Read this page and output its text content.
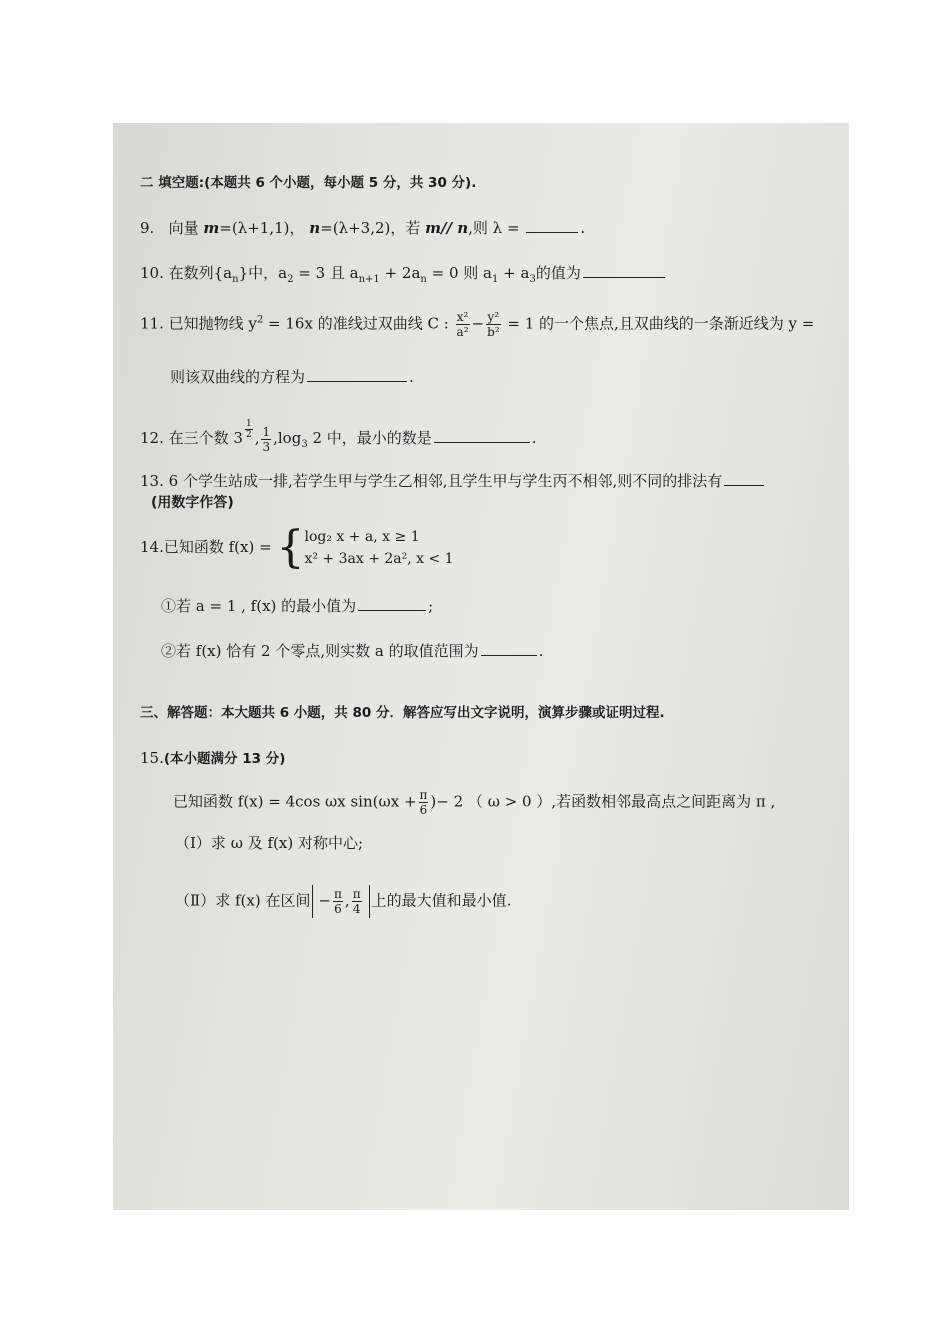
二 填空题:(本题共 6 个小题，每小题 5 分，共 30 分).
9. 向量 m=(λ+1,1)， n=(λ+3,2)，若 m// n,则 λ =	.
10. 在数列$\{a_n\}$中，$a_2 = 3$ 且 $a_{n+1} + 2a_n = 0$ 则 $a_1 + a_3$的值为
11. 已知抛物线 $y^2 = 16x$ 的准线过双曲线 C : $\frac{\text{x²}}{\text{a²}} - \frac{\text{y²}}{\text{b²}} = 1$ 的一个焦点,且双曲线的一条渐近线为 y =
则该双曲线的方程为	.
12. 在三个数 $3 \frac{1}{2}$ , $\frac{1}{3} ,\log_3$ 2 中，最小的数是	.
13. 6 个学生站成一排,若学生甲与学生乙相邻,且学生甲与学生丙不相邻,则不同的排法有
(用数字作答)
14.已知函数 f(x) = { log₂ x + a, x ≥ 1
x² + 3ax + 2a², x < 1
①若 a = 1 , f(x) 的最小值为	;
②若 f(x) 恰有 2 个零点,则实数 a 的取值范围为	.
三、解答题：本大题共 6 小题，共 80 分．解答应写出文字说明，演算步骤或证明过程.
15.(本小题满分 13 分)
已知函数 f(x) = 4cos ωx $\sin(\omega x + \frac{\pi}{6}$ )− 2 （ ω > 0 ）,若函数相邻最高点之间距离为 π ,
（Ⅰ）求 ω 及 f(x) 对称中心;
（Ⅱ）求 f(x) 在区间 − $\frac{\pi}{6}$ , $\frac{\pi}{4}$ 上的最大值和最小值.
